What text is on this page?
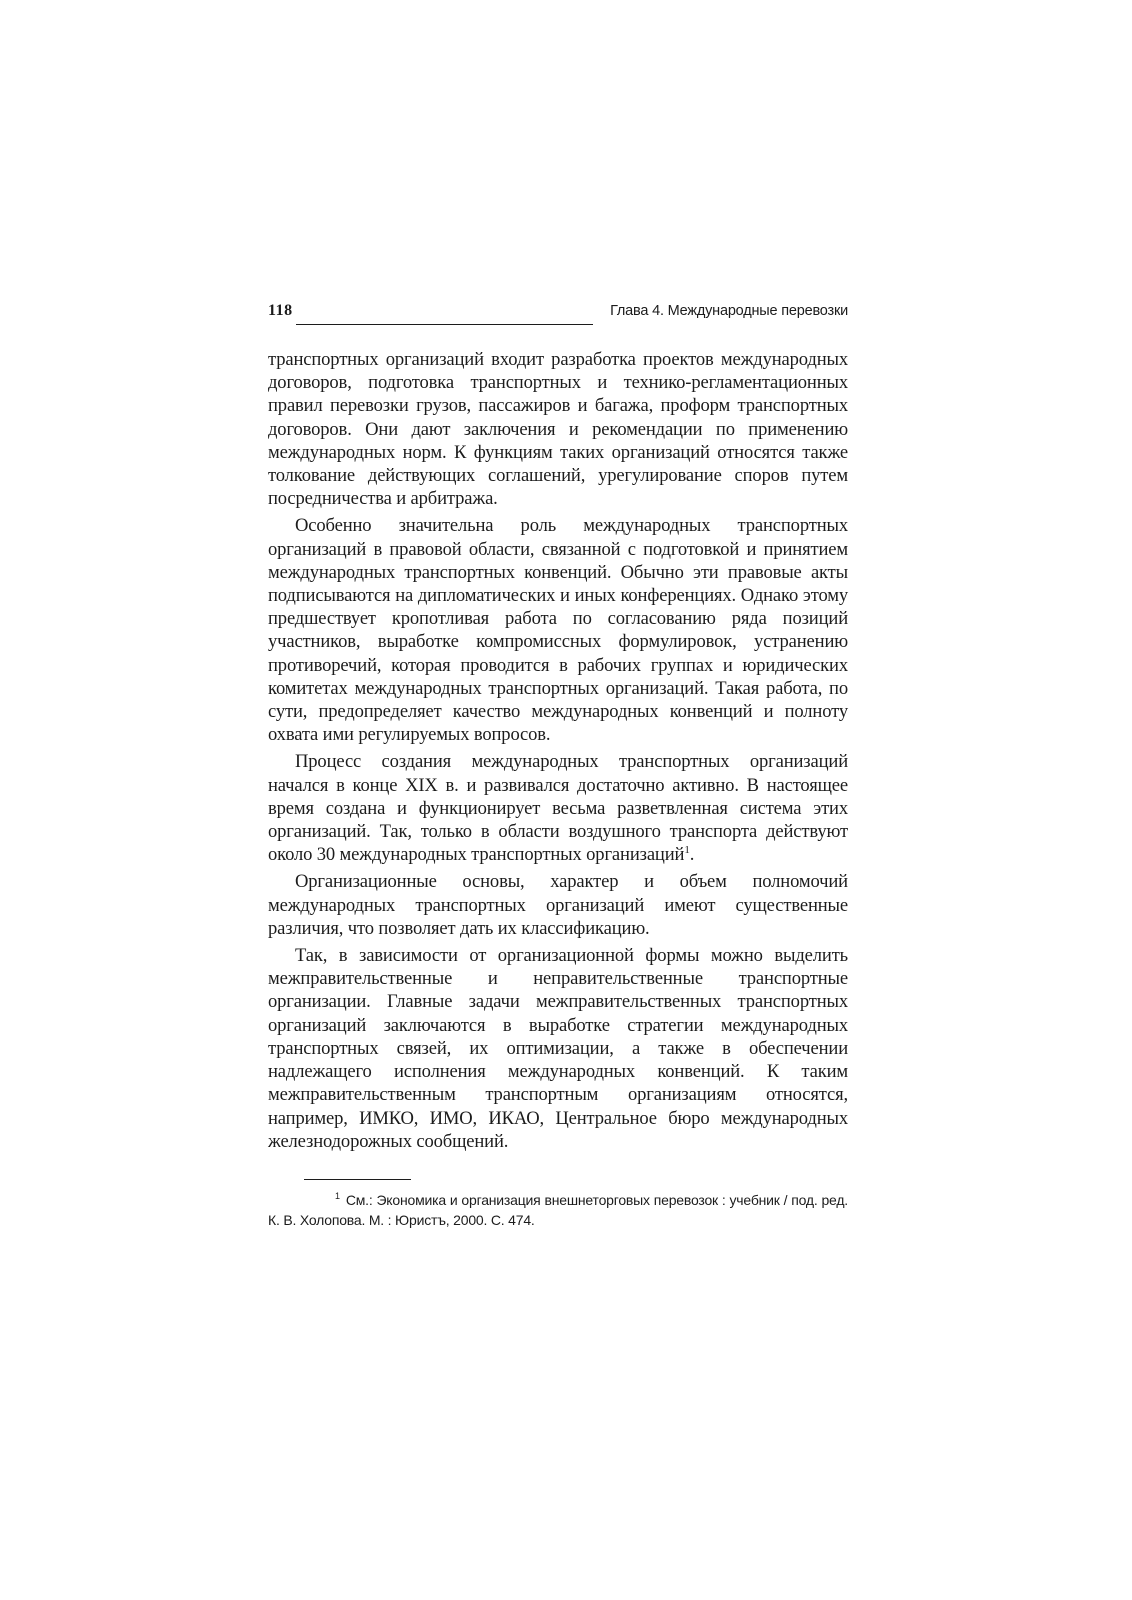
118	Глава 4. Международные перевозки

транспортных организаций входит разработка проектов международных договоров, подготовка транспортных и технико-регламентационных правил перевозки грузов, пассажиров и багажа, проформ транспортных договоров. Они дают заключения и рекомендации по применению международных норм. К функциям таких организаций относятся также толкование действующих соглашений, урегулирование споров путем посредничества и арбитража.

Особенно значительна роль международных транспортных организаций в правовой области, связанной с подготовкой и принятием международных транспортных конвенций. Обычно эти правовые акты подписываются на дипломатических и иных конференциях. Однако этому предшествует кропотливая работа по согласованию ряда позиций участников, выработке компромиссных формулировок, устранению противоречий, которая проводится в рабочих группах и юридических комитетах международных транспортных организаций. Такая работа, по сути, предопределяет качество международных конвенций и полноту охвата ими регулируемых вопросов.

Процесс создания международных транспортных организаций начался в конце XIX в. и развивался достаточно активно. В настоящее время создана и функционирует весьма разветвленная система этих организаций. Так, только в области воздушного транспорта действуют около 30 международных транспортных организаций$^1$.

Организационные основы, характер и объем полномочий международных транспортных организаций имеют существенные различия, что позволяет дать их классификацию.

Так, в зависимости от организационной формы можно выделить межправительственные и неправительственные транспортные организации. Главные задачи межправительственных транспортных организаций заключаются в выработке стратегии международных транспортных связей, их оптимизации, а также в обеспечении надлежащего исполнения международных конвенций. К таким межправительственным транспортным организациям относятся, например, ИМКО, ИМО, ИКАО, Центральное бюро международных железнодорожных сообщений.

$^1$ См.: Экономика и организация внешнеторговых перевозок : учебник / под. ред. К. В. Холопова. М. : Юристъ, 2000. С. 474.
